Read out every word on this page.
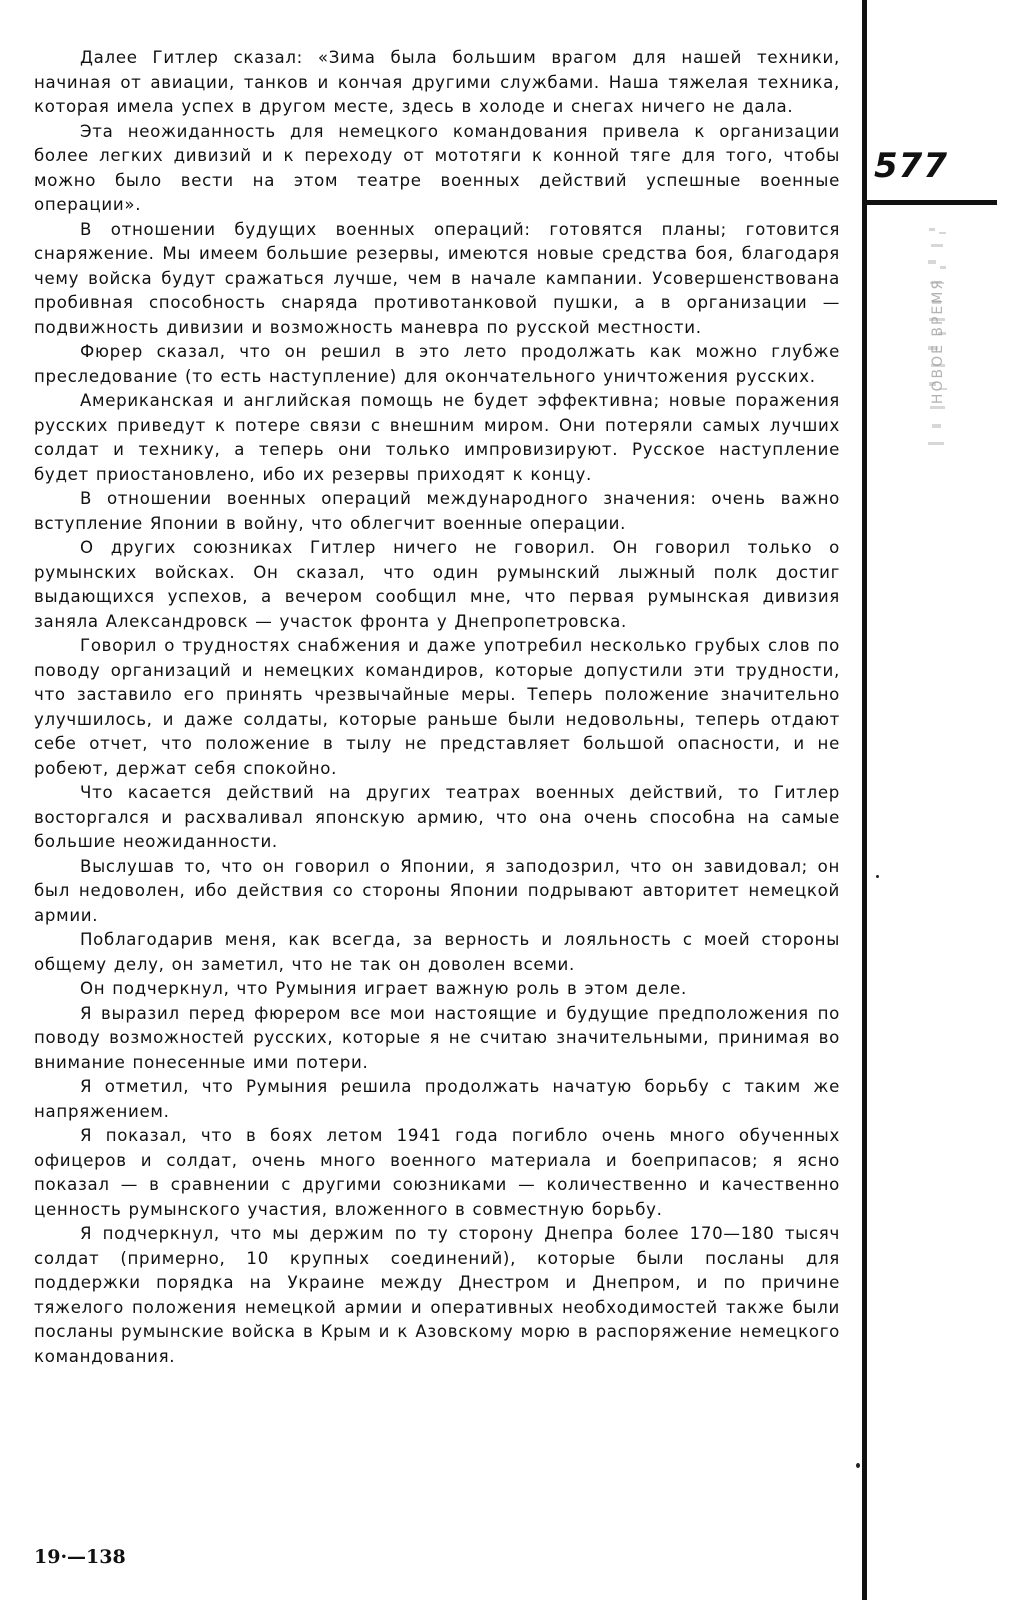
Далее Гитлер сказал: «Зима была большим врагом для нашей техники, начиная от авиации, танков и кончая другими службами. Наша тяжелая техника, которая имела успех в другом месте, здесь в холоде и снегах ничего не дала.

Эта неожиданность для немецкого командования привела к организации более легких дивизий и к переходу от мототяги к конной тяге для того, чтобы можно было вести на этом театре военных действий успешные военные операции».

В отношении будущих военных операций: готовятся планы; готовится снаряжение. Мы имеем большие резервы, имеются новые средства боя, благодаря чему войска будут сражаться лучше, чем в начале кампании. Усовершенствована пробивная способность снаряда противотанковой пушки, а в организации — подвижность дивизии и возможность маневра по русской местности.

Фюрер сказал, что он решил в это лето продолжать как можно глубже преследование (то есть наступление) для окончательного уничтожения русских.

Американская и английская помощь не будет эффективна; новые поражения русских приведут к потере связи с внешним миром. Они потеряли самых лучших солдат и технику, а теперь они только импровизируют. Русское наступление будет приостановлено, ибо их резервы приходят к концу.

В отношении военных операций международного значения: очень важно вступление Японии в войну, что облегчит военные операции.

О других союзниках Гитлер ничего не говорил. Он говорил только о румынских войсках. Он сказал, что один румынский лыжный полк достиг выдающихся успехов, а вечером сообщил мне, что первая румынская дивизия заняла Александровск — участок фронта у Днепропетровска.

Говорил о трудностях снабжения и даже употребил несколько грубых слов по поводу организаций и немецких командиров, которые допустили эти трудности, что заставило его принять чрезвычайные меры. Теперь положение значительно улучшилось, и даже солдаты, которые раньше были недовольны, теперь отдают себе отчет, что положение в тылу не представляет большой опасности, и не робеют, держат себя спокойно.

Что касается действий на других театрах военных действий, то Гитлер восторгался и расхваливал японскую армию, что она очень способна на самые большие неожиданности.

Выслушав то, что он говорил о Японии, я заподозрил, что он завидовал; он был недоволен, ибо действия со стороны Японии подрывают авторитет немецкой армии.

Поблагодарив меня, как всегда, за верность и лояльность с моей стороны общему делу, он заметил, что не так он доволен всеми.

Он подчеркнул, что Румыния играет важную роль в этом деле.

Я выразил перед фюрером все мои настоящие и будущие предположения по поводу возможностей русских, которые я не считаю значительными, принимая во внимание понесенные ими потери.

Я отметил, что Румыния решила продолжать начатую борьбу с таким же напряжением.

Я показал, что в боях летом 1941 года погибло очень много обученных офицеров и солдат, очень много военного материала и боеприпасов; я ясно показал — в сравнении с другими союзниками — количественно и качественно ценность румынского участия, вложенного в совместную борьбу.

Я подчеркнул, что мы держим по ту сторону Днепра более 170—180 тысяч солдат (примерно, 10 крупных соединений), которые были посланы для поддержки порядка на Украине между Днестром и Днепром, и по причине тяжелого положения немецкой армии и оперативных необходимостей также были посланы румынские войска в Крым и к Азовскому морю в распоряжение немецкого командования.

577
НОВОЕ ВРЕМЯ
19·—138
